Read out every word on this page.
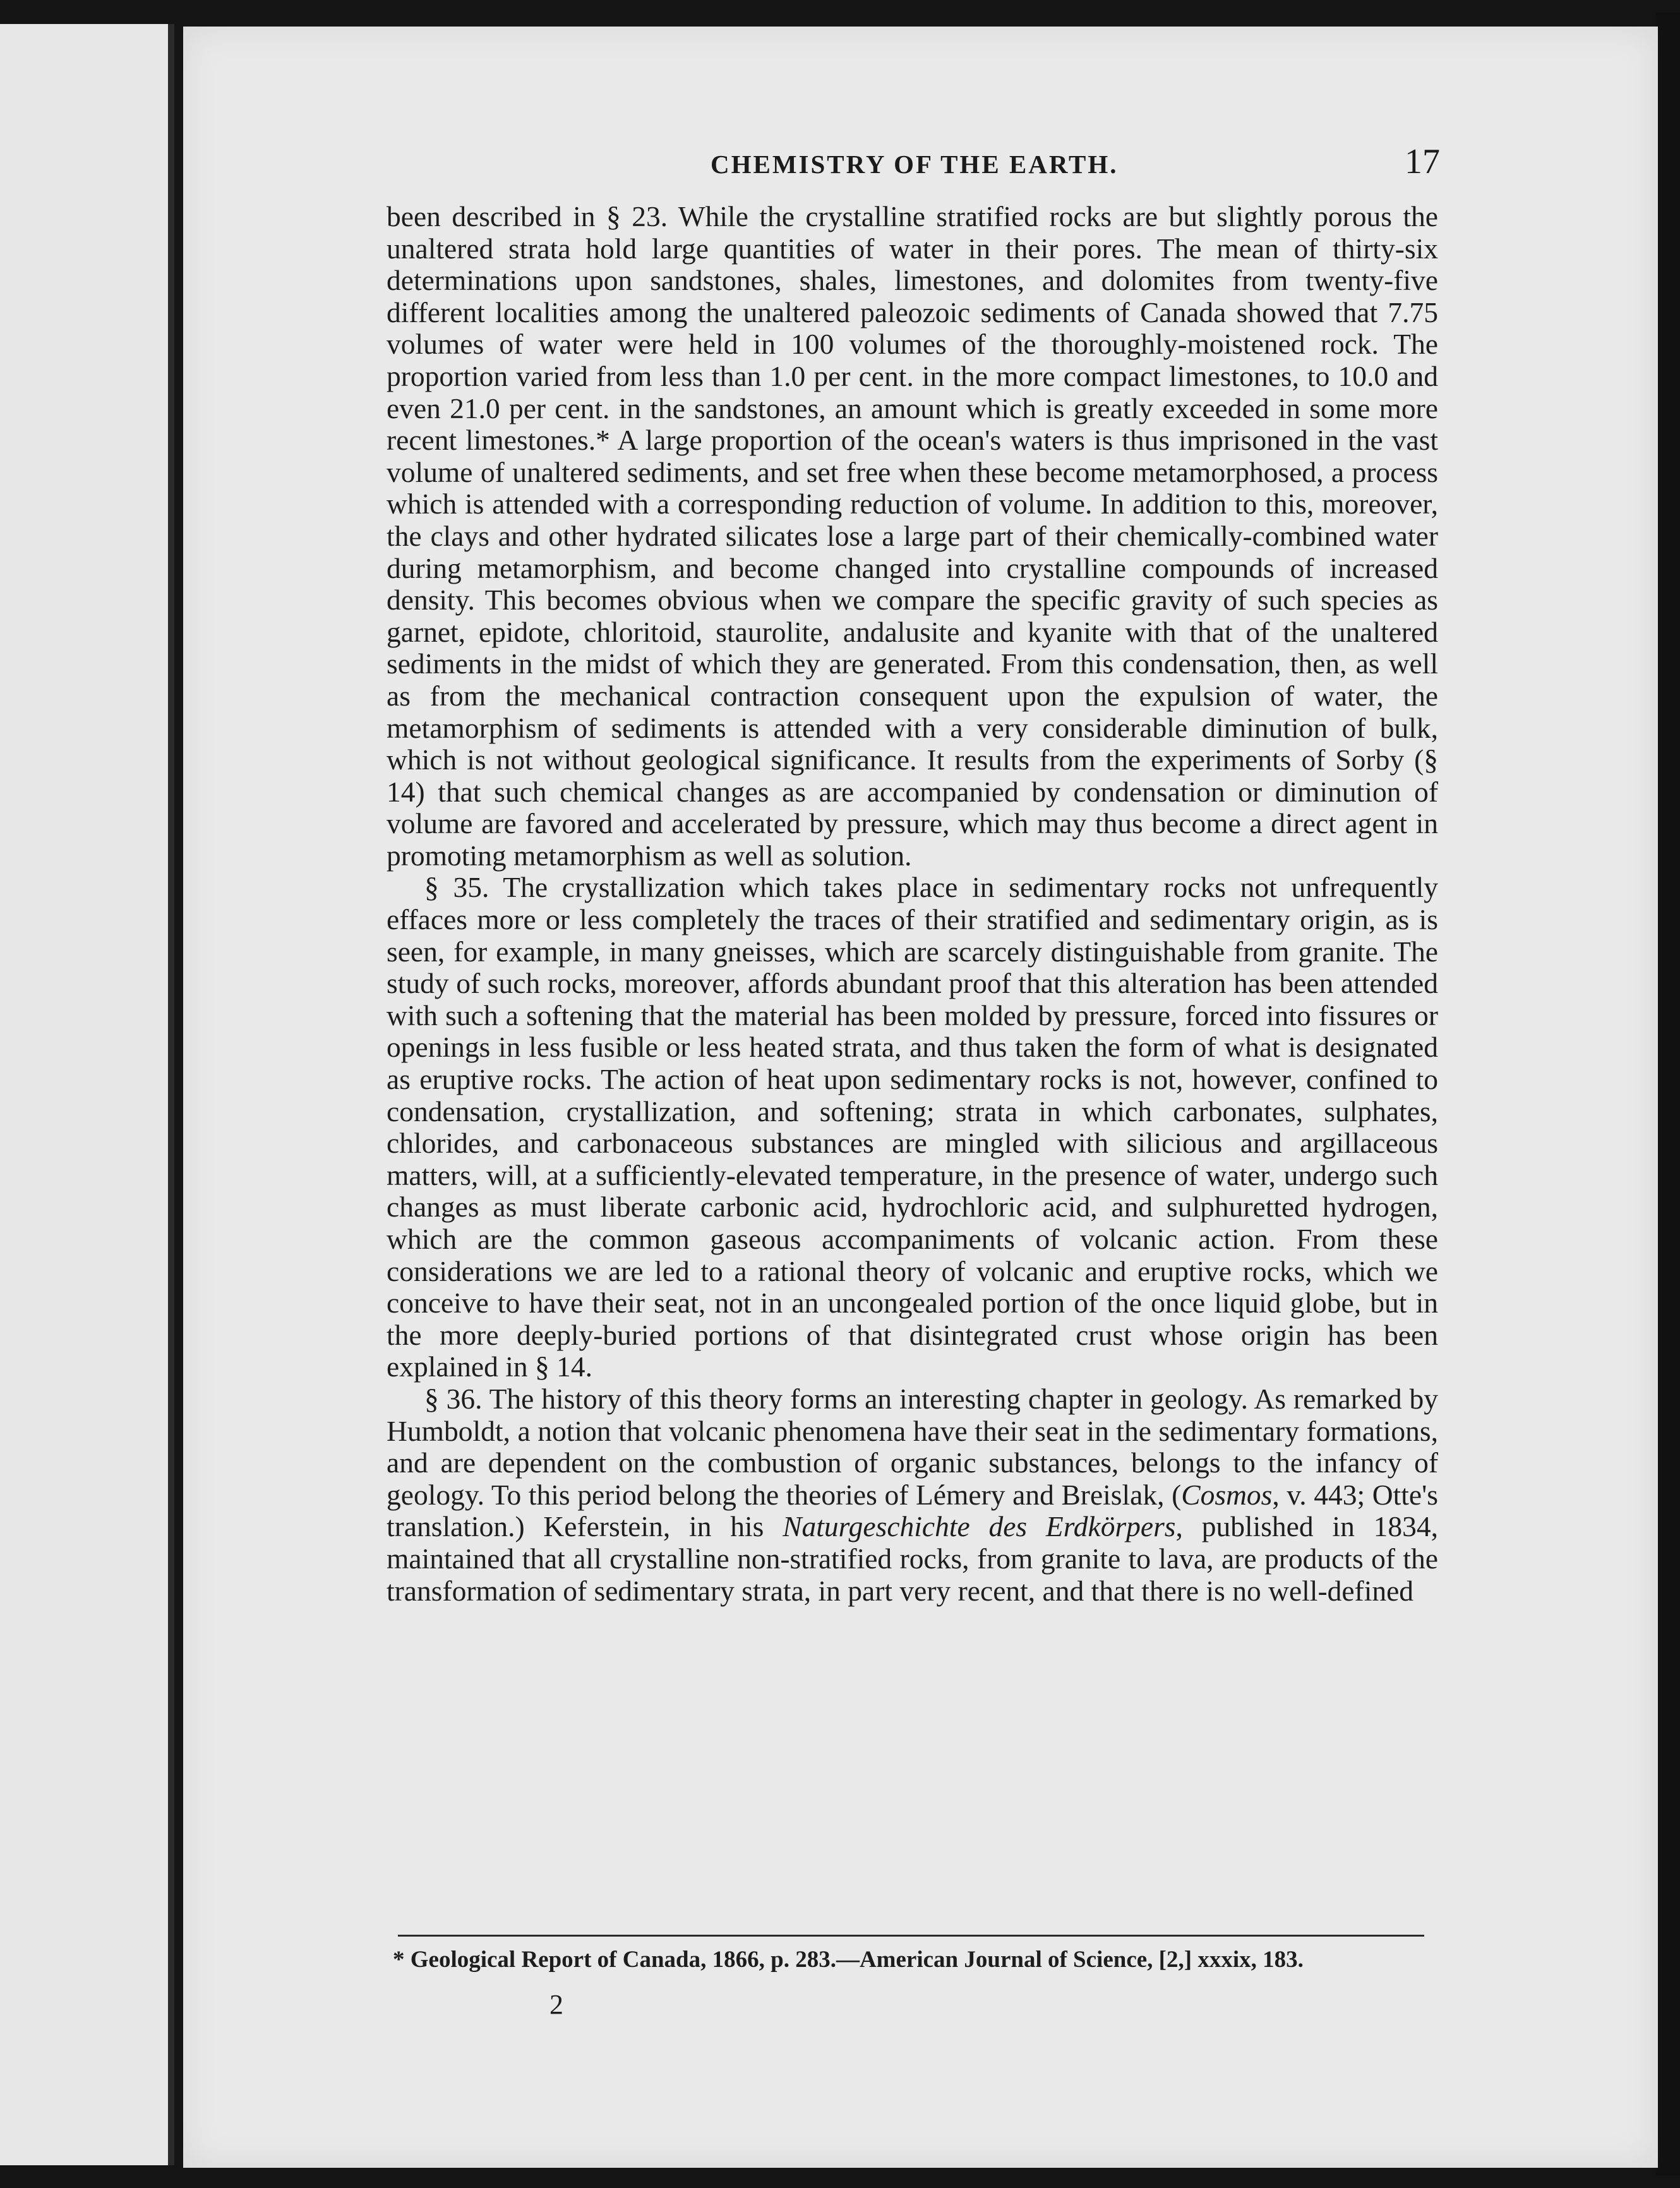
CHEMISTRY OF THE EARTH.	17

been described in § 23. While the crystalline stratified rocks are but slightly porous the unaltered strata hold large quantities of water in their pores. The mean of thirty-six determinations upon sandstones, shales, limestones, and dolomites from twenty-five different localities among the unaltered paleozoic sediments of Canada showed that 7.75 volumes of water were held in 100 volumes of the thoroughly-moistened rock. The proportion varied from less than 1.0 per cent. in the more compact limestones, to 10.0 and even 21.0 per cent. in the sandstones, an amount which is greatly exceeded in some more recent limestones.* A large proportion of the ocean's waters is thus imprisoned in the vast volume of unaltered sediments, and set free when these become metamorphosed, a process which is attended with a corresponding reduction of volume. In addition to this, moreover, the clays and other hydrated silicates lose a large part of their chemically-combined water during metamorphism, and become changed into crystalline compounds of increased density. This becomes obvious when we compare the specific gravity of such species as garnet, epidote, chloritoid, staurolite, andalusite and kyanite with that of the unaltered sediments in the midst of which they are generated. From this condensation, then, as well as from the mechanical contraction consequent upon the expulsion of water, the metamorphism of sediments is attended with a very considerable diminution of bulk, which is not without geological significance. It results from the experiments of Sorby (§ 14) that such chemical changes as are accompanied by condensation or diminution of volume are favored and accelerated by pressure, which may thus become a direct agent in promoting metamorphism as well as solution.

§ 35. The crystallization which takes place in sedimentary rocks not unfrequently effaces more or less completely the traces of their stratified and sedimentary origin, as is seen, for example, in many gneisses, which are scarcely distinguishable from granite. The study of such rocks, moreover, affords abundant proof that this alteration has been attended with such a softening that the material has been molded by pressure, forced into fissures or openings in less fusible or less heated strata, and thus taken the form of what is designated as eruptive rocks. The action of heat upon sedimentary rocks is not, however, confined to condensation, crystallization, and softening; strata in which carbonates, sulphates, chlorides, and carbonaceous substances are mingled with silicious and argillaceous matters, will, at a sufficiently-elevated temperature, in the presence of water, undergo such changes as must liberate carbonic acid, hydrochloric acid, and sulphuretted hydrogen, which are the common gaseous accompaniments of volcanic action. From these considerations we are led to a rational theory of volcanic and eruptive rocks, which we conceive to have their seat, not in an uncongealed portion of the once liquid globe, but in the more deeply-buried portions of that disintegrated crust whose origin has been explained in § 14.

§ 36. The history of this theory forms an interesting chapter in geology. As remarked by Humboldt, a notion that volcanic phenomena have their seat in the sedimentary formations, and are dependent on the combustion of organic substances, belongs to the infancy of geology. To this period belong the theories of Lémery and Breislak, (Cosmos, v. 443; Otte's translation.) Keferstein, in his Naturgeschichte des Erdkörpers, published in 1834, maintained that all crystalline non-stratified rocks, from granite to lava, are products of the transformation of sedimentary strata, in part very recent, and that there is no well-defined

* Geological Report of Canada, 1866, p. 283.—American Journal of Science, [2,] xxxix, 183.
2
